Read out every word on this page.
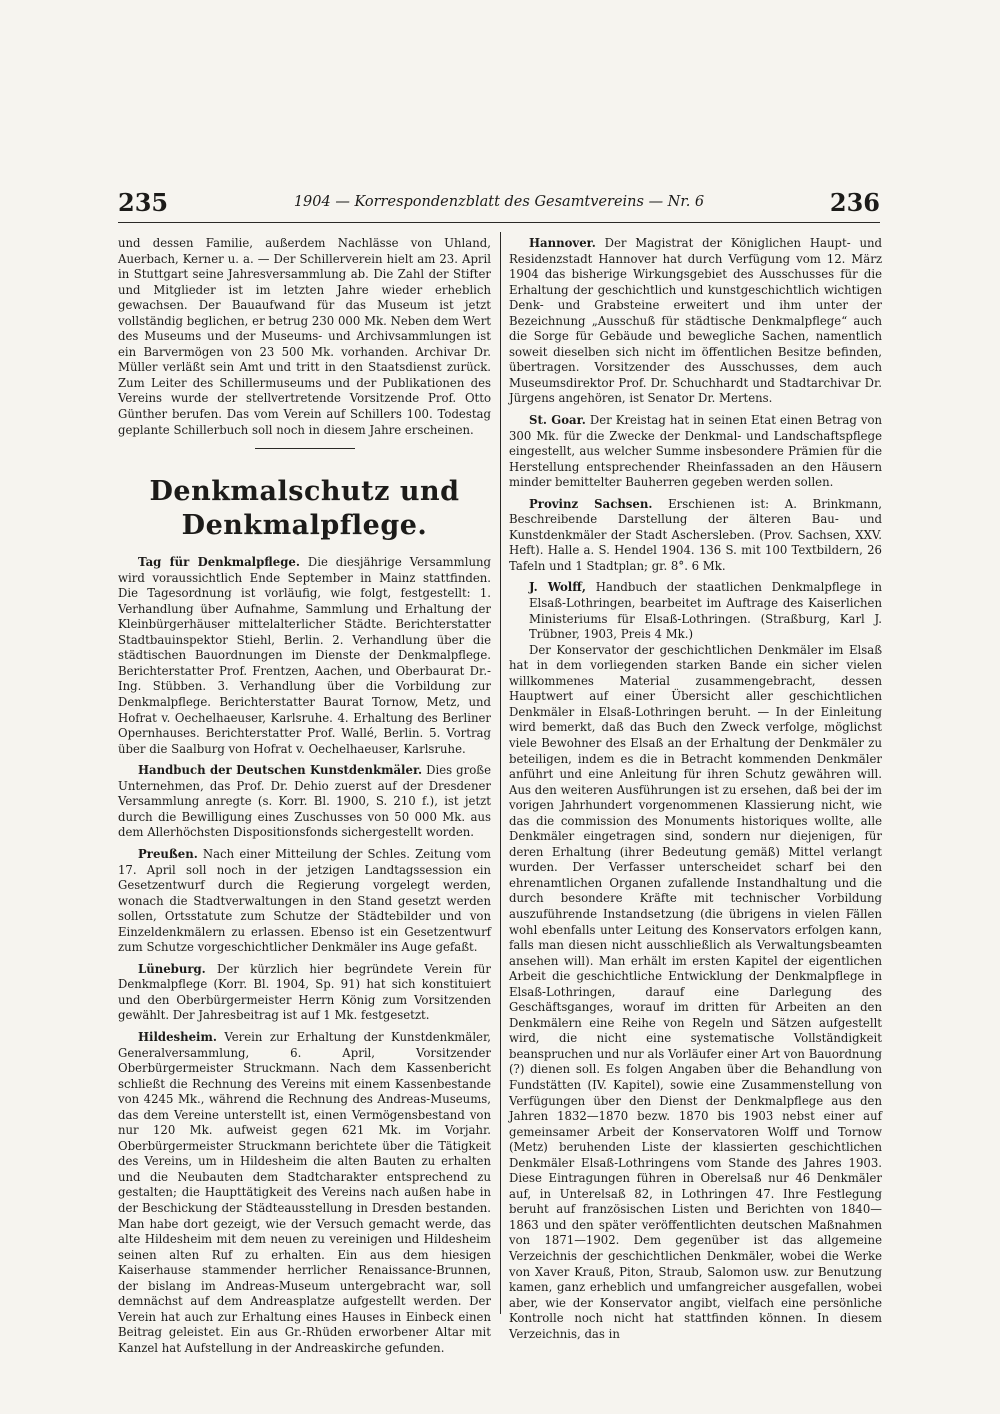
235	1904 — Korrespondenzblatt des Gesamtvereins — Nr. 6	236

und dessen Familie, außerdem Nachlässe von Uhland, Auerbach, Kerner u. a. — Der Schillerverein hielt am 23. April in Stuttgart seine Jahresversammlung ab. Die Zahl der Stifter und Mitglieder ist im letzten Jahre wieder erheblich gewachsen. Der Bauaufwand für das Museum ist jetzt vollständig beglichen, er betrug 230 000 Mk. Neben dem Wert des Museums und der Museums- und Archivsammlungen ist ein Barvermögen von 23 500 Mk. vorhanden. Archivar Dr. Müller verläßt sein Amt und tritt in den Staatsdienst zurück. Zum Leiter des Schillermuseums und der Publikationen des Vereins wurde der stellvertretende Vorsitzende Prof. Otto Günther berufen. Das vom Verein auf Schillers 100. Todestag geplante Schillerbuch soll noch in diesem Jahre erscheinen.

Denkmalschutz und Denkmalpflege.

Tag für Denkmalpflege. Die diesjährige Versammlung wird voraussichtlich Ende September in Mainz stattfinden. Die Tagesordnung ist vorläufig, wie folgt, festgestellt: 1. Verhandlung über Aufnahme, Sammlung und Erhaltung der Kleinbürgerhäuser mittelalterlicher Städte. Berichterstatter Stadtbauinspektor Stiehl, Berlin. 2. Verhandlung über die städtischen Bauordnungen im Dienste der Denkmalpflege. Berichterstatter Prof. Frentzen, Aachen, und Oberbaurat Dr.-Ing. Stübben. 3. Verhandlung über die Vorbildung zur Denkmalpflege. Berichterstatter Baurat Tornow, Metz, und Hofrat v. Oechelhaeuser, Karlsruhe. 4. Erhaltung des Berliner Opernhauses. Berichterstatter Prof. Wallé, Berlin. 5. Vortrag über die Saalburg von Hofrat v. Oechelhaeuser, Karlsruhe.

Handbuch der Deutschen Kunstdenkmäler. Dies große Unternehmen, das Prof. Dr. Dehio zuerst auf der Dresdener Versammlung anregte (s. Korr. Bl. 1900, S. 210 f.), ist jetzt durch die Bewilligung eines Zuschusses von 50 000 Mk. aus dem Allerhöchsten Dispositionsfonds sichergestellt worden.

Preußen. Nach einer Mitteilung der Schles. Zeitung vom 17. April soll noch in der jetzigen Landtagssession ein Gesetzentwurf durch die Regierung vorgelegt werden, wonach die Stadtverwaltungen in den Stand gesetzt werden sollen, Ortsstatute zum Schutze der Städtebilder und von Einzeldenkmälern zu erlassen. Ebenso ist ein Gesetzentwurf zum Schutze vorgeschichtlicher Denkmäler ins Auge gefaßt.

Lüneburg. Der kürzlich hier begründete Verein für Denkmalpflege (Korr. Bl. 1904, Sp. 91) hat sich konstituiert und den Oberbürgermeister Herrn König zum Vorsitzenden gewählt. Der Jahresbeitrag ist auf 1 Mk. festgesetzt.

Hildesheim. Verein zur Erhaltung der Kunstdenkmäler, Generalversammlung, 6. April, Vorsitzender Oberbürgermeister Struckmann. Nach dem Kassenbericht schließt die Rechnung des Vereins mit einem Kassenbestande von 4245 Mk., während die Rechnung des Andreas-Museums, das dem Vereine unterstellt ist, einen Vermögensbestand von nur 120 Mk. aufweist gegen 621 Mk. im Vorjahr. Oberbürgermeister Struckmann berichtete über die Tätigkeit des Vereins, um in Hildesheim die alten Bauten zu erhalten und die Neubauten dem Stadtcharakter entsprechend zu gestalten; die Haupttätigkeit des Vereins nach außen habe in der Beschickung der Städteausstellung in Dresden bestanden. Man habe dort gezeigt, wie der Versuch gemacht werde, das alte Hildesheim mit dem neuen zu vereinigen und Hildesheim seinen alten Ruf zu erhalten. Ein aus dem hiesigen Kaiserhause stammender herrlicher Renaissance-Brunnen, der bislang im Andreas-Museum untergebracht war, soll demnächst auf dem Andreasplatze aufgestellt werden. Der Verein hat auch zur Erhaltung eines Hauses in Einbeck einen Beitrag geleistet. Ein aus Gr.-Rhüden erworbener Altar mit Kanzel hat Aufstellung in der Andreaskirche gefunden.

Hannover. Der Magistrat der Königlichen Haupt- und Residenzstadt Hannover hat durch Verfügung vom 12. März 1904 das bisherige Wirkungsgebiet des Ausschusses für die Erhaltung der geschichtlich und kunstgeschichtlich wichtigen Denk- und Grabsteine erweitert und ihm unter der Bezeichnung „Ausschuß für städtische Denkmalpflege“ auch die Sorge für Gebäude und bewegliche Sachen, namentlich soweit dieselben sich nicht im öffentlichen Besitze befinden, übertragen. Vorsitzender des Ausschusses, dem auch Museumsdirektor Prof. Dr. Schuchhardt und Stadtarchivar Dr. Jürgens angehören, ist Senator Dr. Mertens.

St. Goar. Der Kreistag hat in seinen Etat einen Betrag von 300 Mk. für die Zwecke der Denkmal- und Landschaftspflege eingestellt, aus welcher Summe insbesondere Prämien für die Herstellung entsprechender Rheinfassaden an den Häusern minder bemittelter Bauherren gegeben werden sollen.

Provinz Sachsen. Erschienen ist: A. Brinkmann, Beschreibende Darstellung der älteren Bau- und Kunstdenkmäler der Stadt Aschersleben. (Prov. Sachsen, XXV. Heft). Halle a. S. Hendel 1904. 136 S. mit 100 Textbildern, 26 Tafeln und 1 Stadtplan; gr. 8°. 6 Mk.

J. Wolff, Handbuch der staatlichen Denkmalpflege in Elsaß-Lothringen, bearbeitet im Auftrage des Kaiserlichen Ministeriums für Elsaß-Lothringen. (Straßburg, Karl J. Trübner, 1903, Preis 4 Mk.)

Der Konservator der geschichtlichen Denkmäler im Elsaß hat in dem vorliegenden starken Bande ein sicher vielen willkommenes Material zusammengebracht, dessen Hauptwert auf einer Übersicht aller geschichtlichen Denkmäler in Elsaß-Lothringen beruht. — In der Einleitung wird bemerkt, daß das Buch den Zweck verfolge, möglichst viele Bewohner des Elsaß an der Erhaltung der Denkmäler zu beteiligen, indem es die in Betracht kommenden Denkmäler anführt und eine Anleitung für ihren Schutz gewähren will. Aus den weiteren Ausführungen ist zu ersehen, daß bei der im vorigen Jahrhundert vorgenommenen Klassierung nicht, wie das die commission des Monuments historiques wollte, alle Denkmäler eingetragen sind, sondern nur diejenigen, für deren Erhaltung (ihrer Bedeutung gemäß) Mittel verlangt wurden. Der Verfasser unterscheidet scharf bei den ehrenamtlichen Organen zufallende Instandhaltung und die durch besondere Kräfte mit technischer Vorbildung auszuführende Instandsetzung (die übrigens in vielen Fällen wohl ebenfalls unter Leitung des Konservators erfolgen kann, falls man diesen nicht ausschließlich als Verwaltungsbeamten ansehen will). Man erhält im ersten Kapitel der eigentlichen Arbeit die geschichtliche Entwicklung der Denkmalpflege in Elsaß-Lothringen, darauf eine Darlegung des Geschäftsganges, worauf im dritten für Arbeiten an den Denkmälern eine Reihe von Regeln und Sätzen aufgestellt wird, die nicht eine systematische Vollständigkeit beanspruchen und nur als Vorläufer einer Art von Bauordnung (?) dienen soll. Es folgen Angaben über die Behandlung von Fundstätten (IV. Kapitel), sowie eine Zusammenstellung von Verfügungen über den Dienst der Denkmalpflege aus den Jahren 1832—1870 bezw. 1870 bis 1903 nebst einer auf gemeinsamer Arbeit der Konservatoren Wolff und Tornow (Metz) beruhenden Liste der klassierten geschichtlichen Denkmäler Elsaß-Lothringens vom Stande des Jahres 1903. Diese Eintragungen führen in Oberelsaß nur 46 Denkmäler auf, in Unterelsaß 82, in Lothringen 47. Ihre Festlegung beruht auf französischen Listen und Berichten von 1840—1863 und den später veröffentlichten deutschen Maßnahmen von 1871—1902. Dem gegenüber ist das allgemeine Verzeichnis der geschichtlichen Denkmäler, wobei die Werke von Xaver Krauß, Piton, Straub, Salomon usw. zur Benutzung kamen, ganz erheblich und umfangreicher ausgefallen, wobei aber, wie der Konservator angibt, vielfach eine persönliche Kontrolle noch nicht hat stattfinden können. In diesem Verzeichnis, das in
